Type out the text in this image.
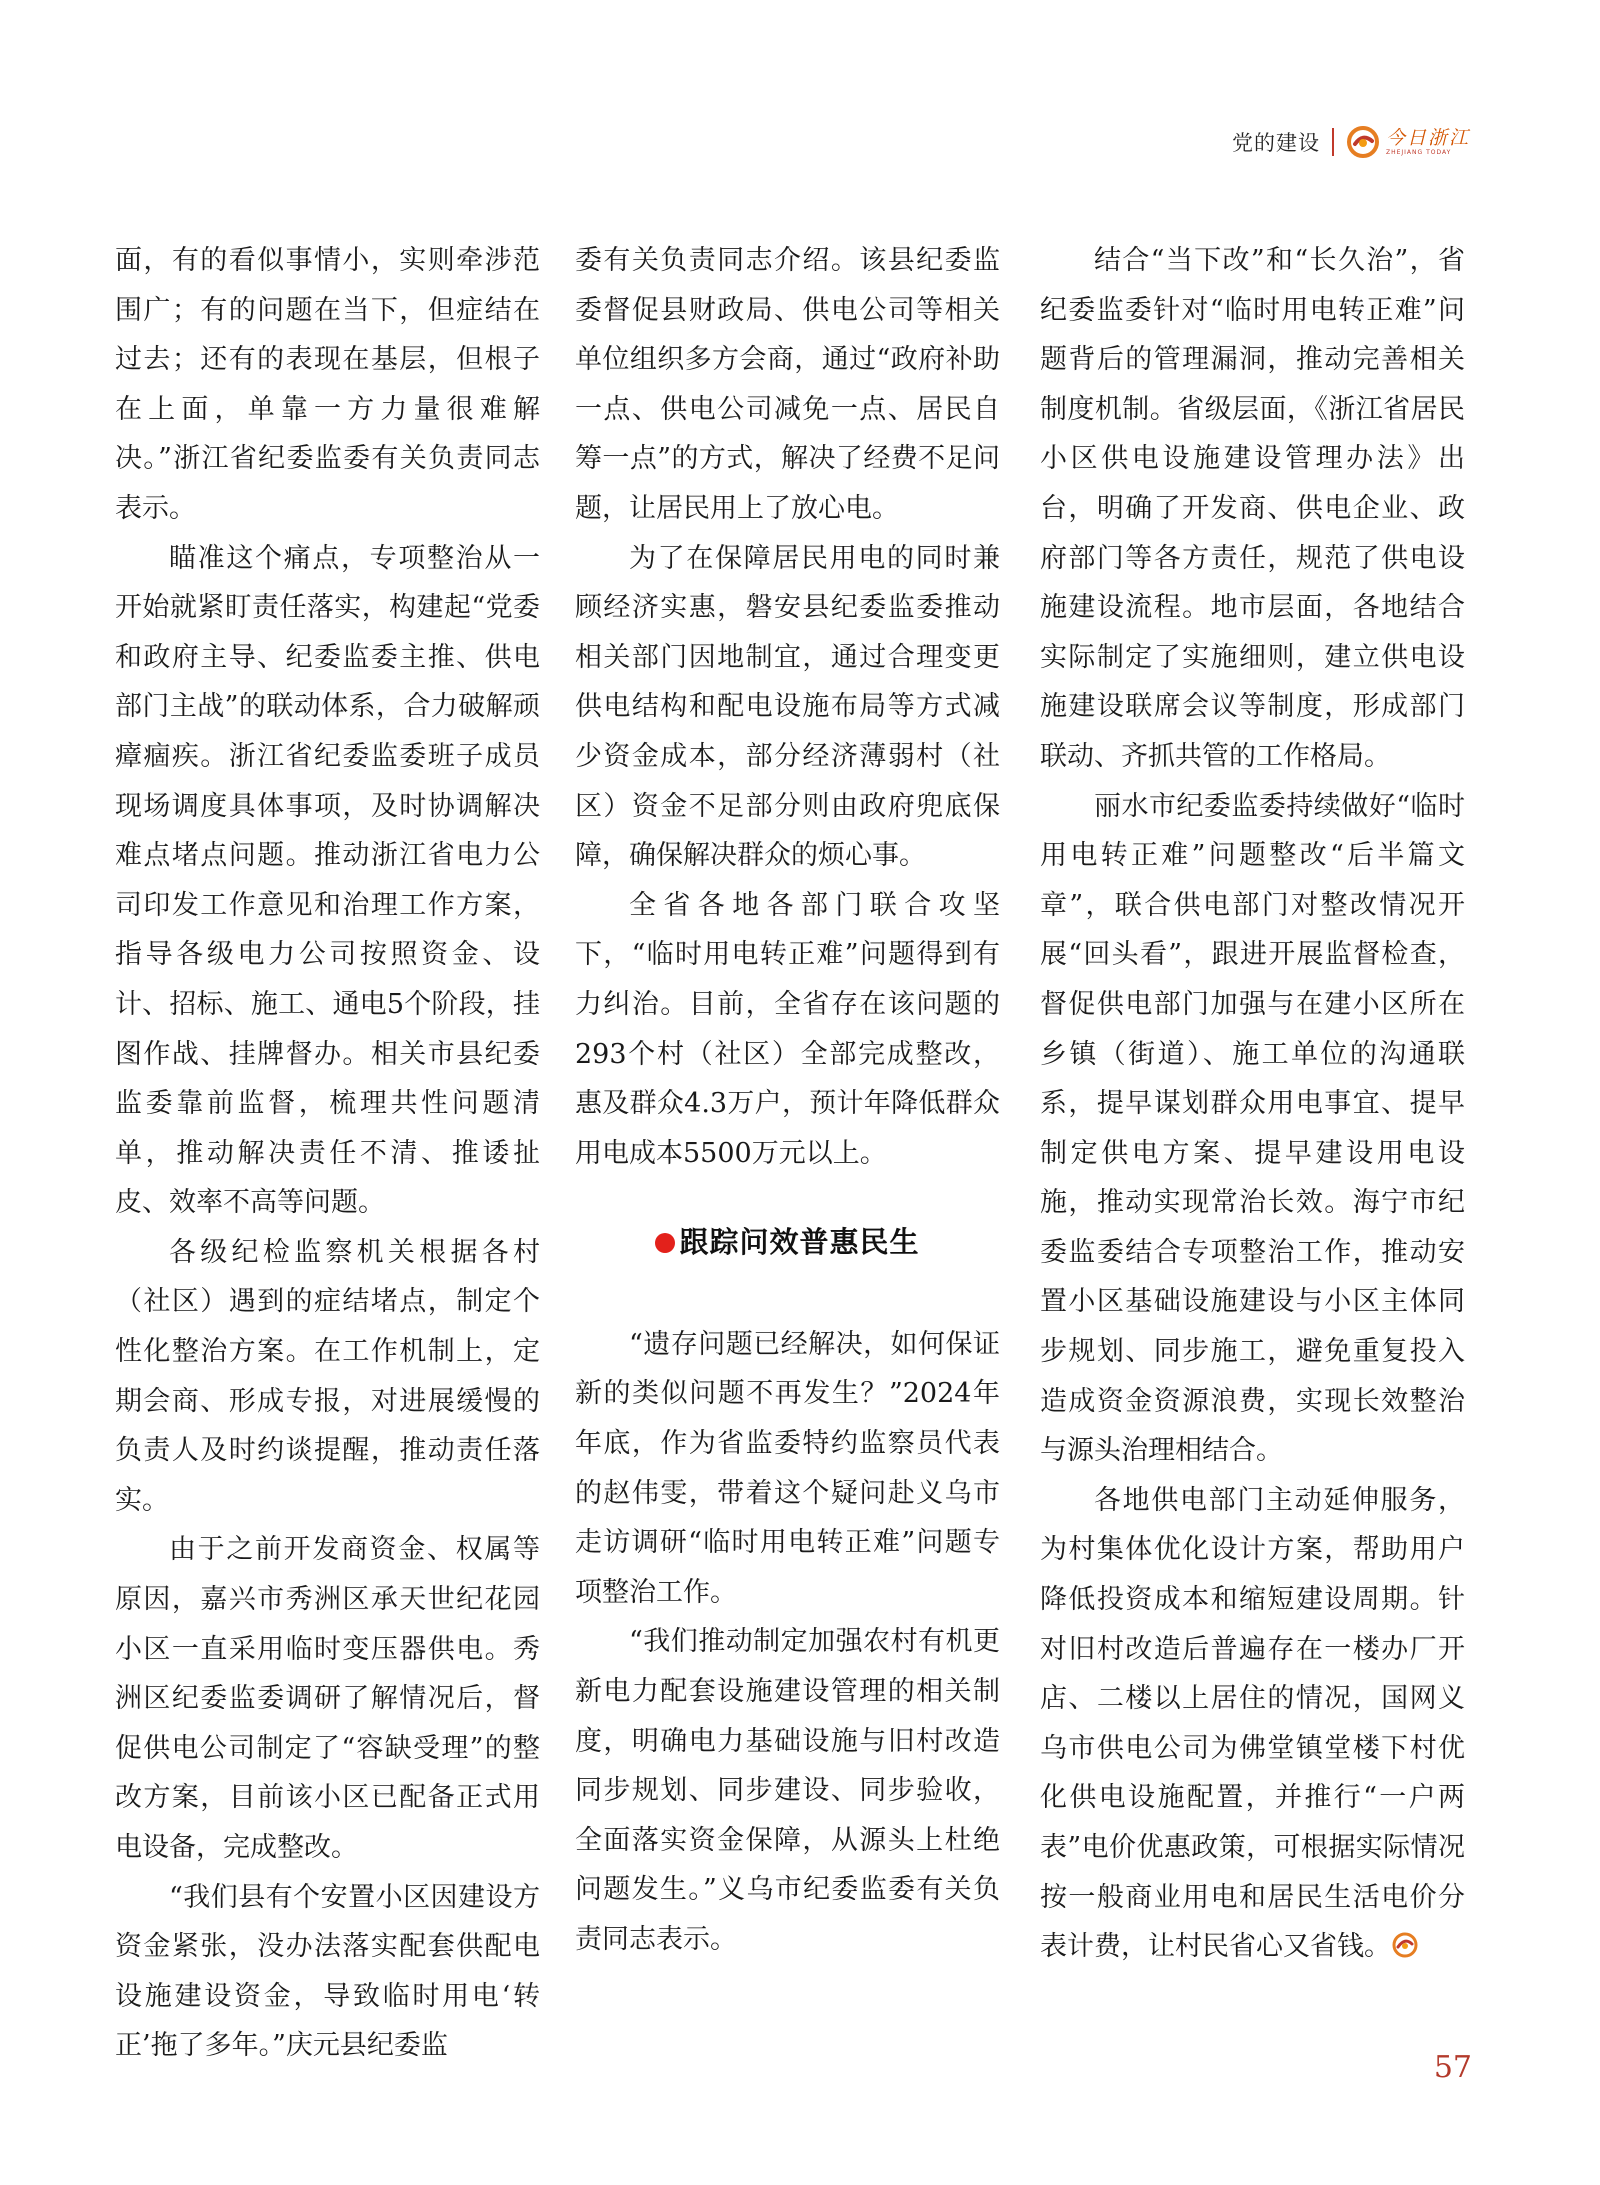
党的建设	今日浙江
ZHEJIANG TODAY

面，有的看似事情小，实则牵涉范围广；有的问题在当下，但症结在过去；还有的表现在基层，但根子在上面，单靠一方力量很难解决。”浙江省纪委监委有关负责同志表示。

瞄准这个痛点，专项整治从一开始就紧盯责任落实，构建起“党委和政府主导、纪委监委主推、供电部门主战”的联动体系，合力破解顽瘴痼疾。浙江省纪委监委班子成员现场调度具体事项，及时协调解决难点堵点问题。推动浙江省电力公司印发工作意见和治理工作方案，指导各级电力公司按照资金、设计、招标、施工、通电5个阶段，挂图作战、挂牌督办。相关市县纪委监委靠前监督，梳理共性问题清单，推动解决责任不清、推诿扯皮、效率不高等问题。

各级纪检监察机关根据各村（社区）遇到的症结堵点，制定个性化整治方案。在工作机制上，定期会商、形成专报，对进展缓慢的负责人及时约谈提醒，推动责任落实。

由于之前开发商资金、权属等原因，嘉兴市秀洲区承天世纪花园小区一直采用临时变压器供电。秀洲区纪委监委调研了解情况后，督促供电公司制定了“容缺受理”的整改方案，目前该小区已配备正式用电设备，完成整改。

“我们县有个安置小区因建设方资金紧张，没办法落实配套供配电设施建设资金，导致临时用电‘转正’拖了多年。”庆元县纪委监

委有关负责同志介绍。该县纪委监委督促县财政局、供电公司等相关单位组织多方会商，通过“政府补助一点、供电公司减免一点、居民自筹一点”的方式，解决了经费不足问题，让居民用上了放心电。

为了在保障居民用电的同时兼顾经济实惠，磐安县纪委监委推动相关部门因地制宜，通过合理变更供电结构和配电设施布局等方式减少资金成本，部分经济薄弱村（社区）资金不足部分则由政府兜底保障，确保解决群众的烦心事。

全省各地各部门联合攻坚下，“临时用电转正难”问题得到有力纠治。目前，全省存在该问题的293个村（社区）全部完成整改，惠及群众4.3万户，预计年降低群众用电成本5500万元以上。

跟踪问效普惠民生

“遗存问题已经解决，如何保证新的类似问题不再发生？”2024年年底，作为省监委特约监察员代表的赵伟雯，带着这个疑问赴义乌市走访调研“临时用电转正难”问题专项整治工作。

“我们推动制定加强农村有机更新电力配套设施建设管理的相关制度，明确电力基础设施与旧村改造同步规划、同步建设、同步验收，全面落实资金保障，从源头上杜绝问题发生。”义乌市纪委监委有关负责同志表示。

结合“当下改”和“长久治”，省纪委监委针对“临时用电转正难”问题背后的管理漏洞，推动完善相关制度机制。省级层面，《浙江省居民小区供电设施建设管理办法》出台，明确了开发商、供电企业、政府部门等各方责任，规范了供电设施建设流程。地市层面，各地结合实际制定了实施细则，建立供电设施建设联席会议等制度，形成部门联动、齐抓共管的工作格局。

丽水市纪委监委持续做好“临时用电转正难”问题整改“后半篇文章”，联合供电部门对整改情况开展“回头看”，跟进开展监督检查，督促供电部门加强与在建小区所在乡镇（街道）、施工单位的沟通联系，提早谋划群众用电事宜、提早制定供电方案、提早建设用电设施，推动实现常治长效。海宁市纪委监委结合专项整治工作，推动安置小区基础设施建设与小区主体同步规划、同步施工，避免重复投入造成资金资源浪费，实现长效整治与源头治理相结合。

各地供电部门主动延伸服务，为村集体优化设计方案，帮助用户降低投资成本和缩短建设周期。针对旧村改造后普遍存在一楼办厂开店、二楼以上居住的情况，国网义乌市供电公司为佛堂镇堂楼下村优化供电设施配置，并推行“一户两表”电价优惠政策，可根据实际情况按一般商业用电和居民生活电价分表计费，让村民省心又省钱。

57
